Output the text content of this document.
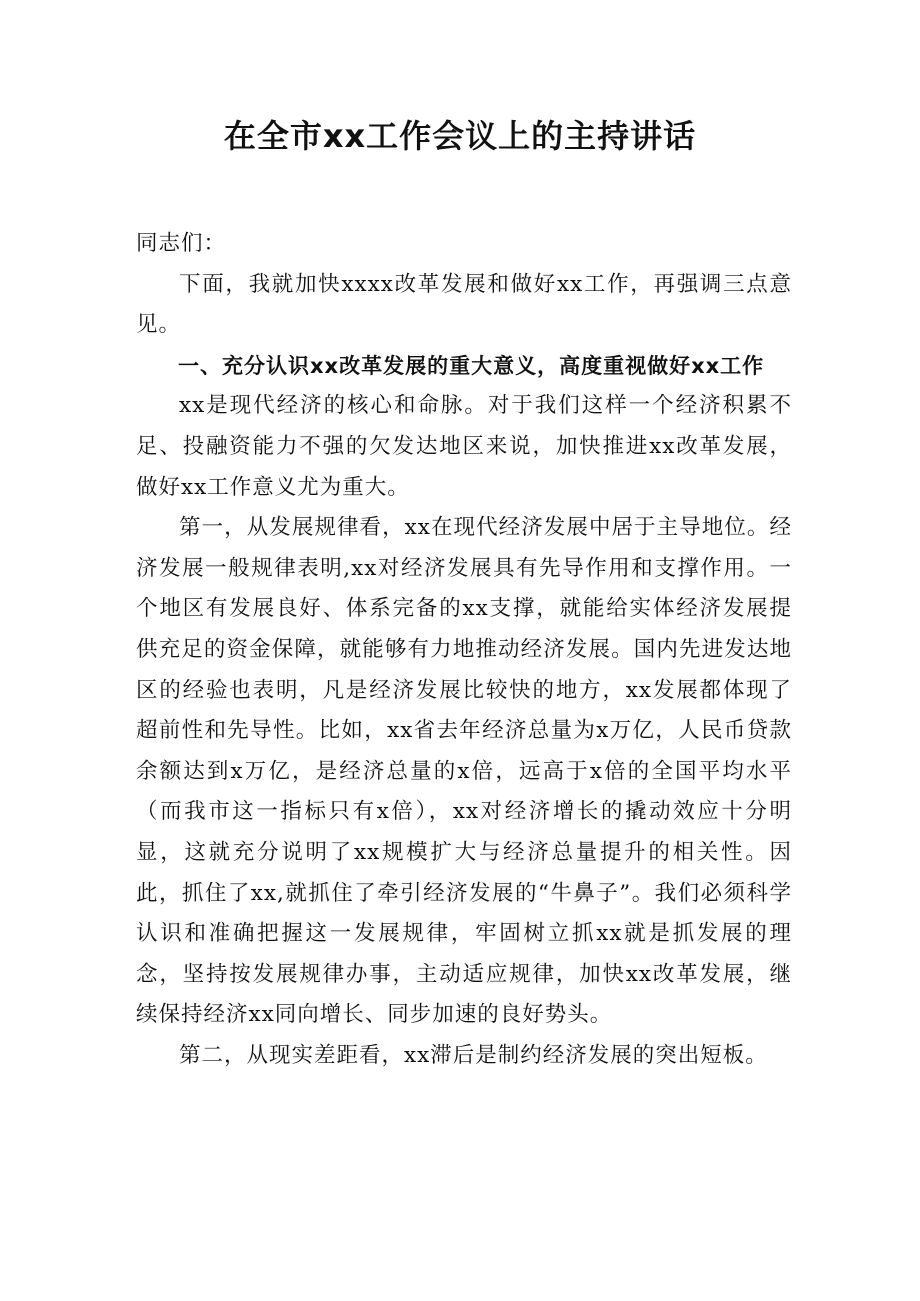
在全市xx工作会议上的主持讲话

同志们：

下面，我就加快xxxx改革发展和做好xx工作，再强调三点意见。

一、充分认识xx改革发展的重大意义，高度重视做好xx工作

xx是现代经济的核心和命脉。对于我们这样一个经济积累不足、投融资能力不强的欠发达地区来说，加快推进xx改革发展，做好xx工作意义尤为重大。

第一，从发展规律看，xx在现代经济发展中居于主导地位。经济发展一般规律表明,xx对经济发展具有先导作用和支撑作用。一个地区有发展良好、体系完备的xx支撑，就能给实体经济发展提供充足的资金保障，就能够有力地推动经济发展。国内先进发达地区的经验也表明，凡是经济发展比较快的地方，xx发展都体现了超前性和先导性。比如，xx省去年经济总量为x万亿，人民币贷款余额达到x万亿，是经济总量的x倍，远高于x倍的全国平均水平（而我市这一指标只有x倍），xx对经济增长的撬动效应十分明显，这就充分说明了xx规模扩大与经济总量提升的相关性。因此，抓住了xx,就抓住了牵引经济发展的“牛鼻子”。我们必须科学认识和准确把握这一发展规律，牢固树立抓xx就是抓发展的理念，坚持按发展规律办事，主动适应规律，加快xx改革发展，继续保持经济xx同向增长、同步加速的良好势头。

第二，从现实差距看，xx滞后是制约经济发展的突出短板。
